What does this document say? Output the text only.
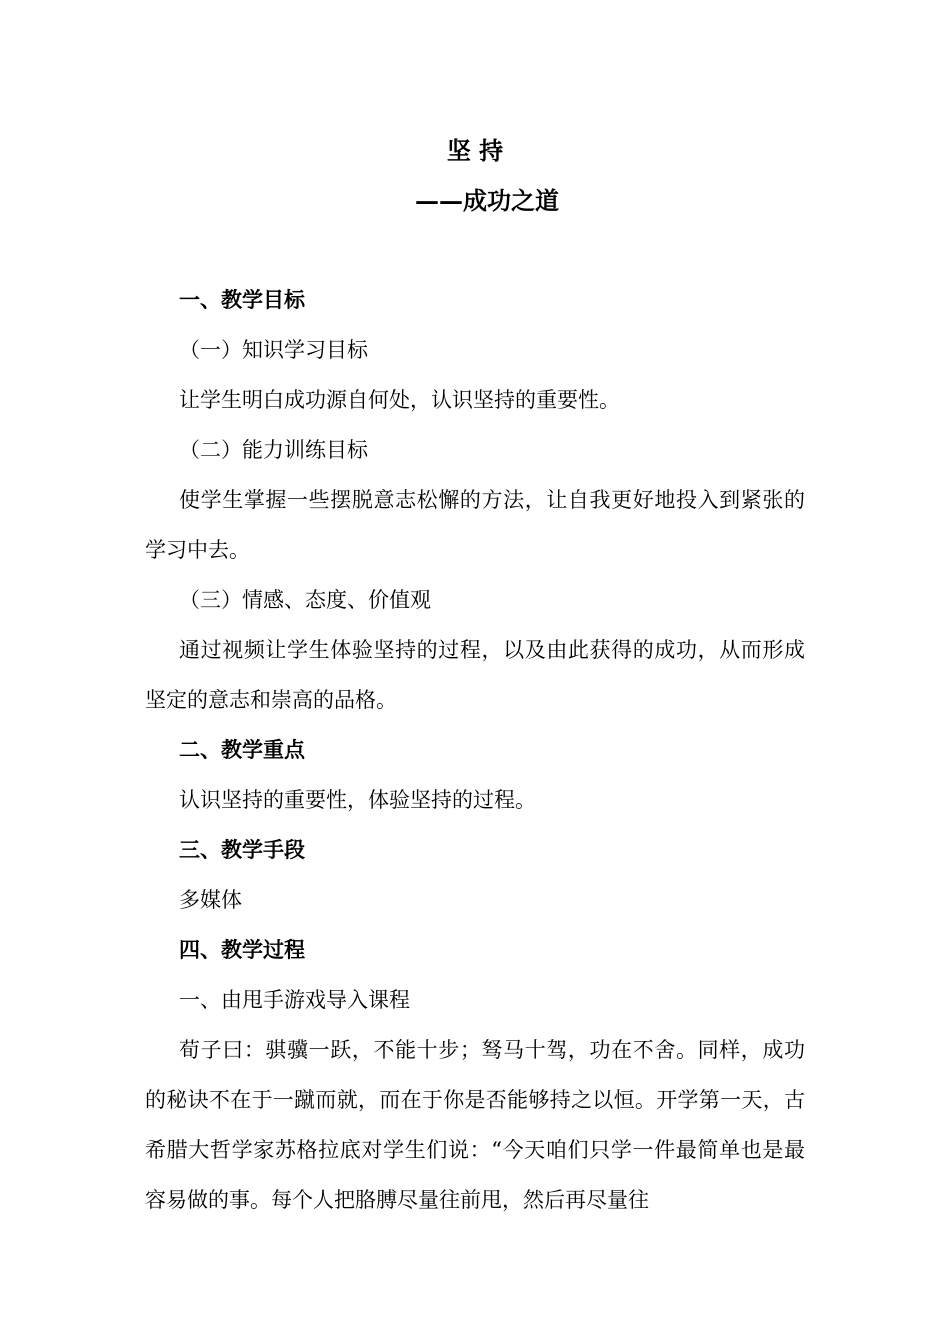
坚 持
——成功之道
一、教学目标
（一）知识学习目标

让学生明白成功源自何处，认识坚持的重要性。

（二）能力训练目标

使学生掌握一些摆脱意志松懈的方法，让自我更好地投入到紧张的学习中去。

（三）情感、态度、价值观

通过视频让学生体验坚持的过程，以及由此获得的成功，从而形成坚定的意志和崇高的品格。

二、教学重点

认识坚持的重要性，体验坚持的过程。

三、教学手段

多媒体

四、教学过程
一、由甩手游戏导入课程

荀子曰：骐骥一跃，不能十步；驽马十驾，功在不舍。同样，成功的秘诀不在于一蹴而就，而在于你是否能够持之以恒。开学第一天，古希腊大哲学家苏格拉底对学生们说：“今天咱们只学一件最简单也是最容易做的事。每个人把胳膊尽量往前甩，然后再尽量往
